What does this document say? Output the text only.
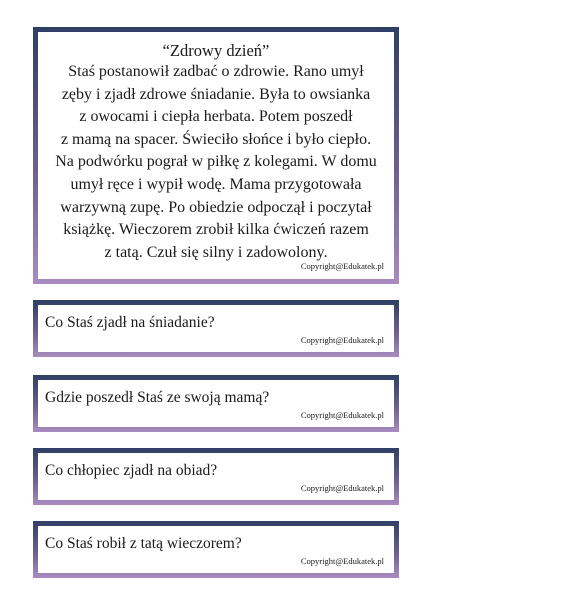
“Zdrowy dzień”

Staś postanowił zadbać o zdrowie. Rano umył
zęby i zjadł zdrowe śniadanie. Była to owsianka
z owocami i ciepła herbata. Potem poszedł
z mamą na spacer. Świeciło słońce i było ciepło.
Na podwórku pograł w piłkę z kolegami. W domu
umył ręce i wypił wodę. Mama przygotowała
warzywną zupę. Po obiedzie odpoczął i poczytał
książkę. Wieczorem zrobił kilka ćwiczeń razem
z tatą. Czuł się silny i zadowolony.

Copyright@Edukatek.pl

Co Staś zjadł na śniadanie?

Copyright@Edukatek.pl

Gdzie poszedł Staś ze swoją mamą?

Copyright@Edukatek.pl

Co chłopiec zjadł na obiad?

Copyright@Edukatek.pl

Co Staś robił z tatą wieczorem?

Copyright@Edukatek.pl
